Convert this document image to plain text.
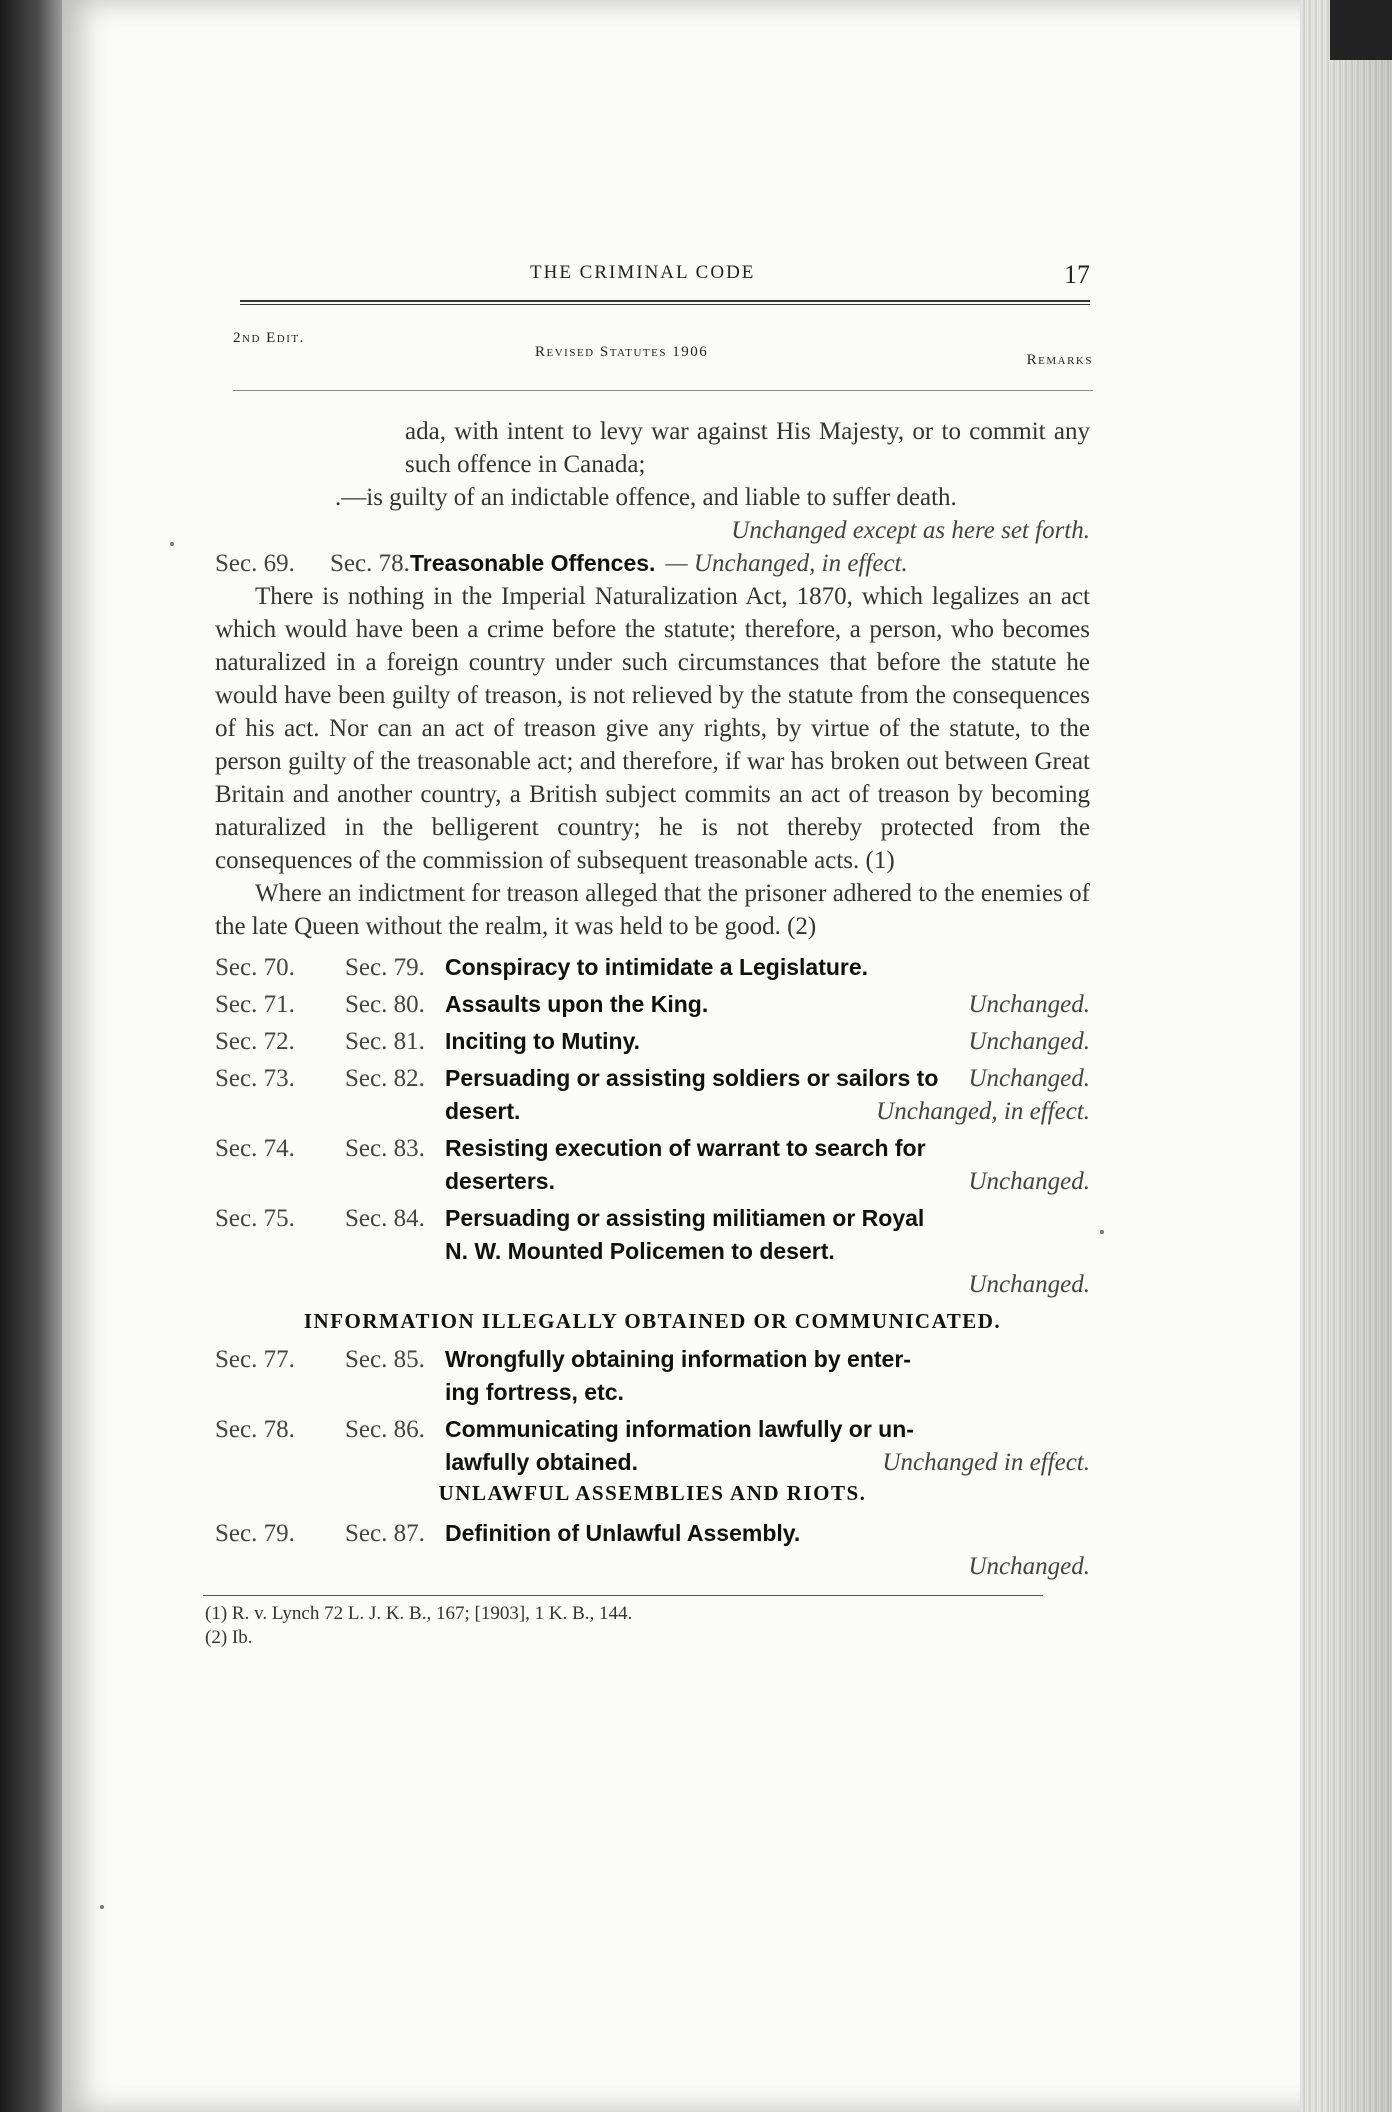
THE CRIMINAL CODE	17
2nd Edit.
Revised Statutes 1906	Remarks
ada, with intent to levy war against His Majesty, or to commit any such offence in Canada;
.—is guilty of an indictable offence, and liable to suffer death.
Unchanged except as here set forth.
Sec. 69.	Sec. 78. Treasonable Offences. — Unchanged, in effect.
There is nothing in the Imperial Naturalization Act, 1870, which legalizes an act which would have been a crime before the statute; therefore, a person, who becomes naturalized in a foreign country under such circumstances that before the statute he would have been guilty of treason, is not relieved by the statute from the consequences of his act. Nor can an act of treason give any rights, by virtue of the statute, to the person guilty of the treasonable act; and therefore, if war has broken out between Great Britain and another country, a British subject commits an act of treason by becoming naturalized in the belligerent country; he is not thereby protected from the consequences of the commission of subsequent treasonable acts. (1)
Where an indictment for treason alleged that the prisoner adhered to the enemies of the late Queen without the realm, it was held to be good. (2)
Sec. 70.	Sec. 79. Conspiracy to intimidate a Legislature.
Sec. 71.	Sec. 80. Assaults upon the King.	Unchanged.
Sec. 72.	Sec. 81. Inciting to Mutiny.	Unchanged.
Sec. 73.	Sec. 82. Persuading or assisting soldiers or sailors to	Unchanged.
desert.	Unchanged, in effect.
Sec. 74.	Sec. 83. Resisting execution of warrant to search for
deserters.	Unchanged.
Sec. 75.	Sec. 84. Persuading or assisting militiamen or Royal
N. W. Mounted Policemen to desert.
Unchanged.
INFORMATION ILLEGALLY OBTAINED OR COMMUNICATED.
Sec. 77.	Sec. 85. Wrongfully obtaining information by enter-
ing fortress, etc.
Sec. 78.	Sec. 86. Communicating information lawfully or un-
lawfully obtained.	Unchanged in effect.
UNLAWFUL ASSEMBLIES AND RIOTS.
Sec. 79.	Sec. 87. Definition of Unlawful Assembly.
Unchanged.
(1) R. v. Lynch 72 L. J. K. B., 167; [1903], 1 K. B., 144.
(2) Ib.
